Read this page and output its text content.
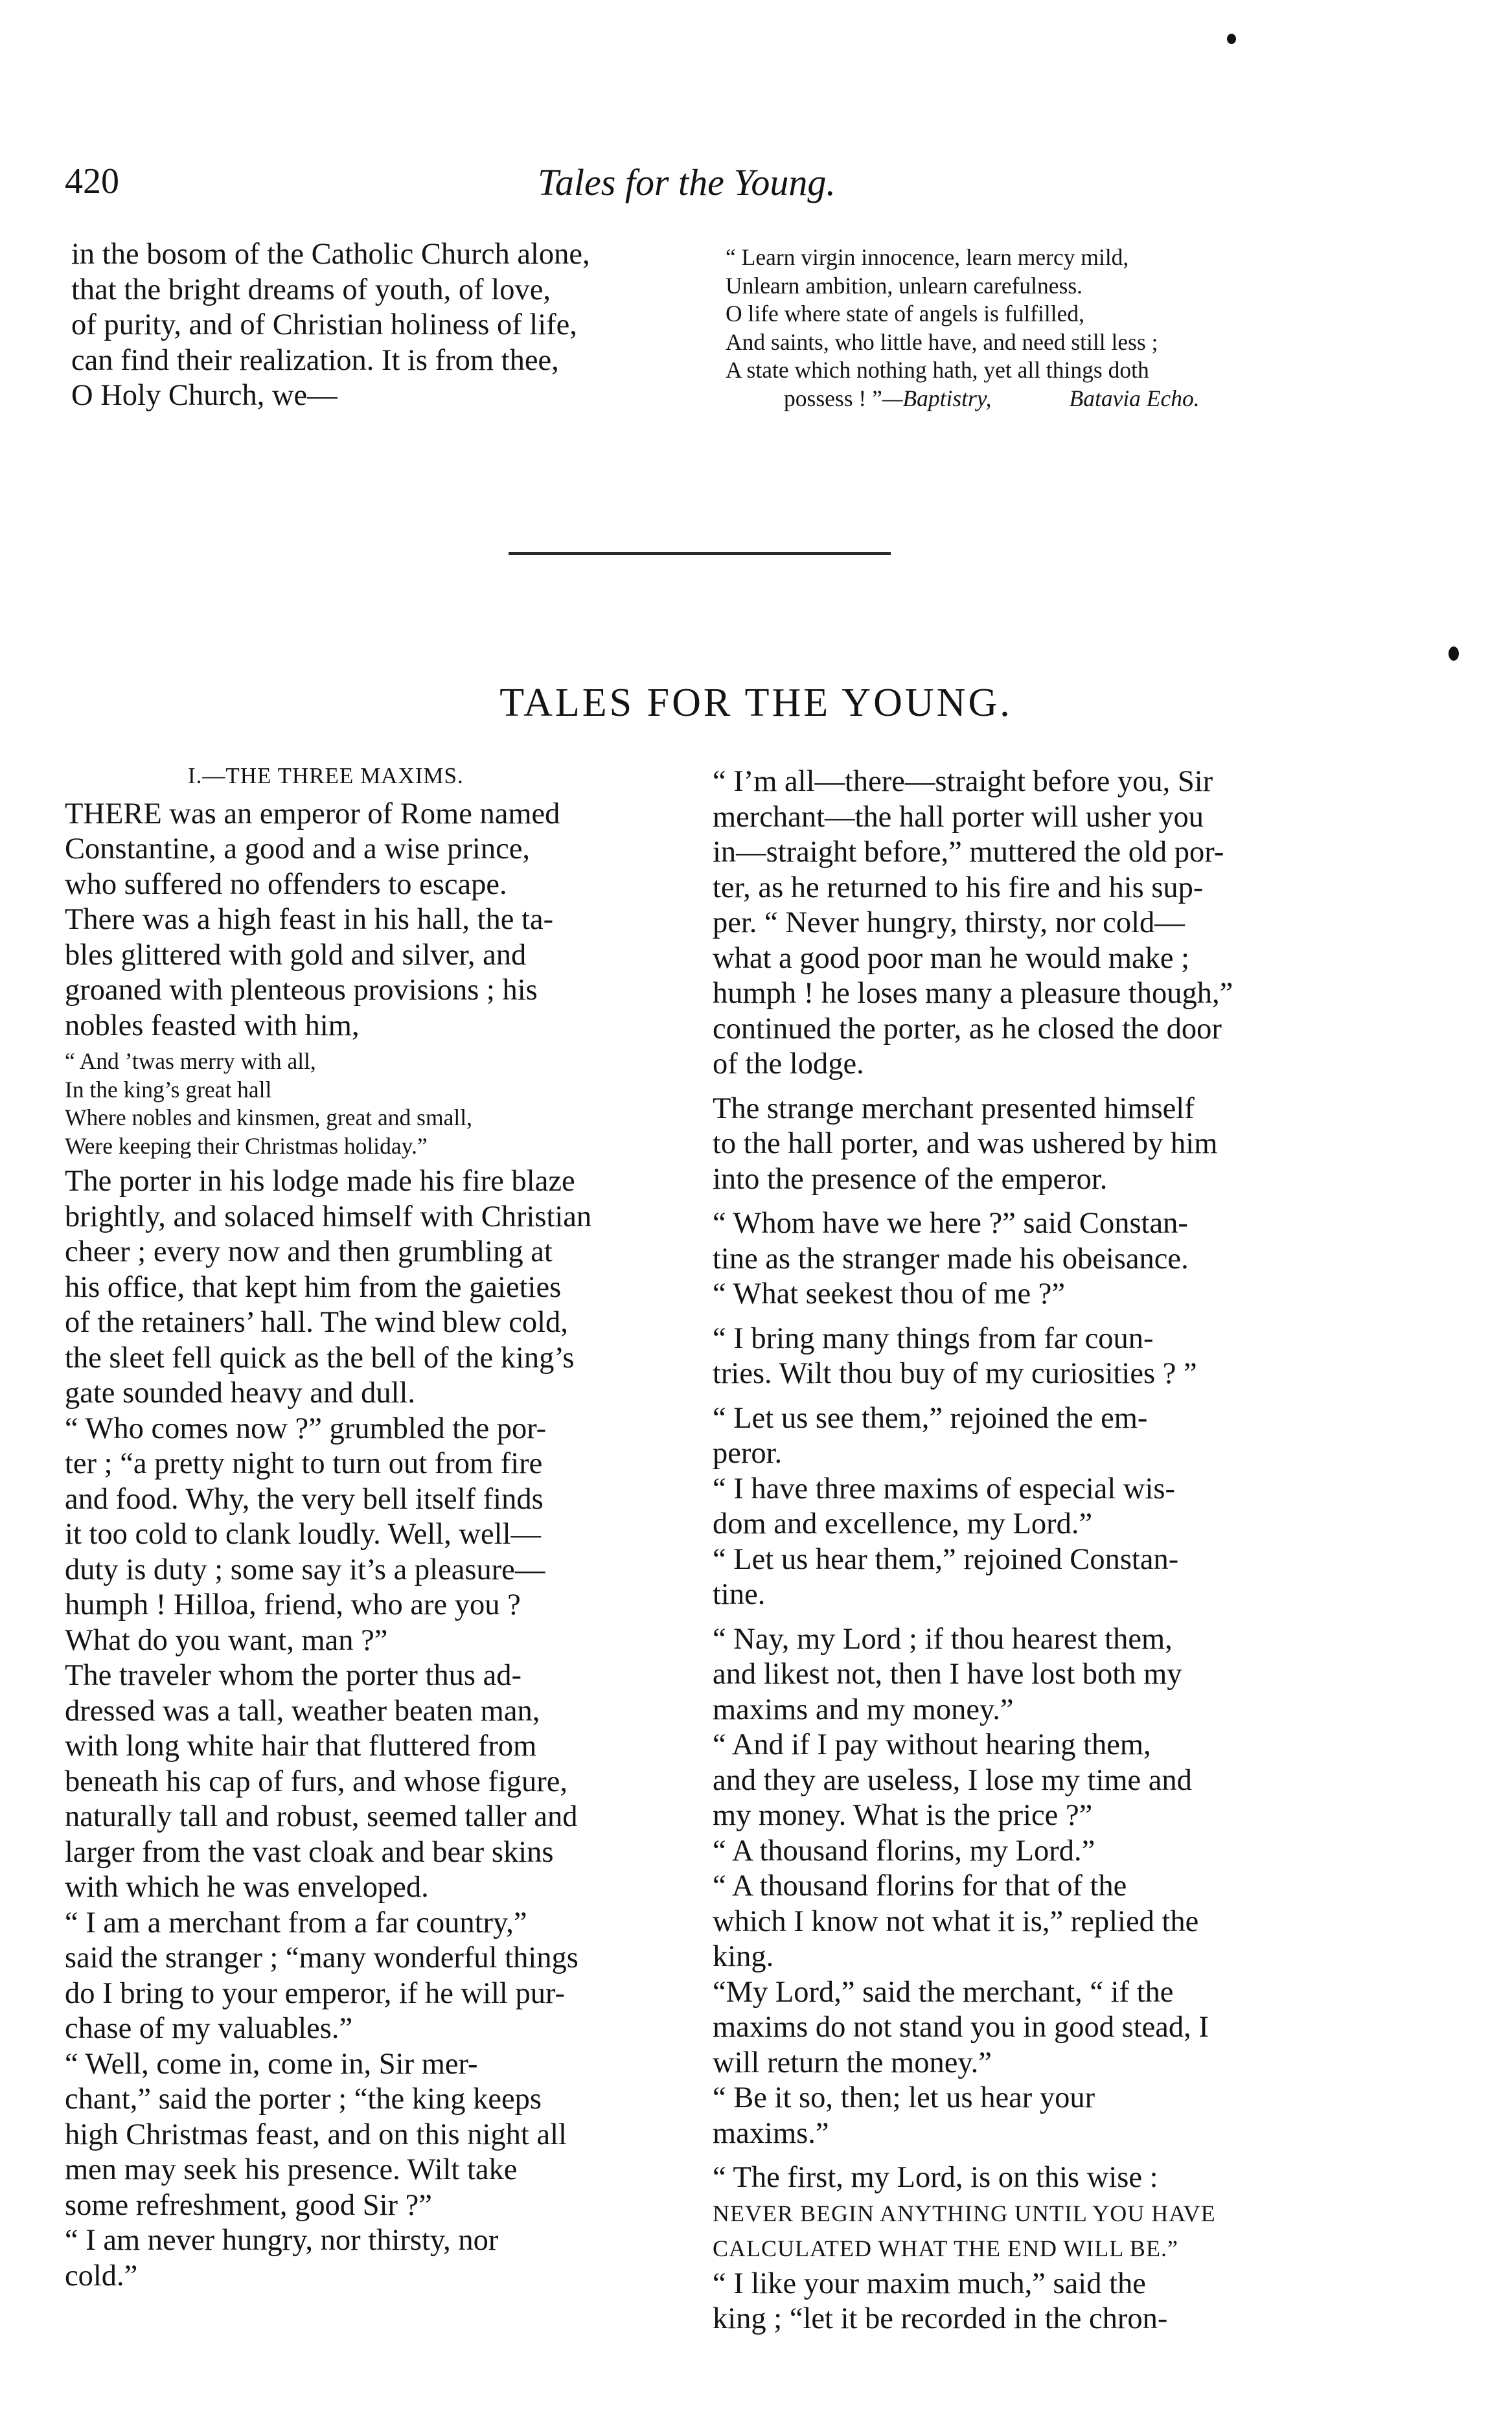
420	Tales for the Young.
in the bosom of the Catholic Church alone,
that the bright dreams of youth, of love,
of purity, and of Christian holiness of life,
can find their realization. It is from thee,
O Holy Church, we—
“ Learn virgin innocence, learn mercy mild,
Unlearn ambition, unlearn carefulness.
O life where state of angels is fulfilled,
And saints, who little have, and need still less ;
A state which nothing hath, yet all things doth
possess ! ”—Baptistry,	Batavia Echo.
TALES FOR THE YOUNG.
I.—THE THREE MAXIMS.
THERE was an emperor of Rome named
Constantine, a good and a wise prince,
who suffered no offenders to escape.
There was a high feast in his hall, the ta-
bles glittered with gold and silver, and
groaned with plenteous provisions ; his
nobles feasted with him,
“ And ’twas merry with all,
In the king’s great hall
Where nobles and kinsmen, great and small,
Were keeping their Christmas holiday.”
The porter in his lodge made his fire blaze
brightly, and solaced himself with Christian
cheer ; every now and then grumbling at
his office, that kept him from the gaieties
of the retainers’ hall. The wind blew cold,
the sleet fell quick as the bell of the king’s
gate sounded heavy and dull.
“ Who comes now ?” grumbled the por-
ter ; “a pretty night to turn out from fire
and food. Why, the very bell itself finds
it too cold to clank loudly. Well, well—
duty is duty ; some say it’s a pleasure—
humph ! Hilloa, friend, who are you ?
What do you want, man ?”
The traveler whom the porter thus ad-
dressed was a tall, weather beaten man,
with long white hair that fluttered from
beneath his cap of furs, and whose figure,
naturally tall and robust, seemed taller and
larger from the vast cloak and bear skins
with which he was enveloped.
“ I am a merchant from a far country,”
said the stranger ; “many wonderful things
do I bring to your emperor, if he will pur-
chase of my valuables.”
“ Well, come in, come in, Sir mer-
chant,” said the porter ; “the king keeps
high Christmas feast, and on this night all
men may seek his presence. Wilt take
some refreshment, good Sir ?”
“ I am never hungry, nor thirsty, nor
cold.”
“ I’m all—there—straight before you, Sir
merchant—the hall porter will usher you
in—straight before,” muttered the old por-
ter, as he returned to his fire and his sup-
per. “ Never hungry, thirsty, nor cold—
what a good poor man he would make ;
humph ! he loses many a pleasure though,”
continued the porter, as he closed the door
of the lodge.
The strange merchant presented himself
to the hall porter, and was ushered by him
into the presence of the emperor.
“ Whom have we here ?” said Constan-
tine as the stranger made his obeisance.
“ What seekest thou of me ?”
“ I bring many things from far coun-
tries. Wilt thou buy of my curiosities ? ”
“ Let us see them,” rejoined the em-
peror.
“ I have three maxims of especial wis-
dom and excellence, my Lord.”
“ Let us hear them,” rejoined Constan-
tine.
“ Nay, my Lord ; if thou hearest them,
and likest not, then I have lost both my
maxims and my money.”
“ And if I pay without hearing them,
and they are useless, I lose my time and
my money. What is the price ?”
“ A thousand florins, my Lord.”
“ A thousand florins for that of the
which I know not what it is,” replied the
king.
“My Lord,” said the merchant, “ if the
maxims do not stand you in good stead, I
will return the money.”
“ Be it so, then; let us hear your
maxims.”
“ The first, my Lord, is on this wise :
NEVER BEGIN ANYTHING UNTIL YOU HAVE
CALCULATED WHAT THE END WILL BE.”
“ I like your maxim much,” said the
king ; “let it be recorded in the chron-
